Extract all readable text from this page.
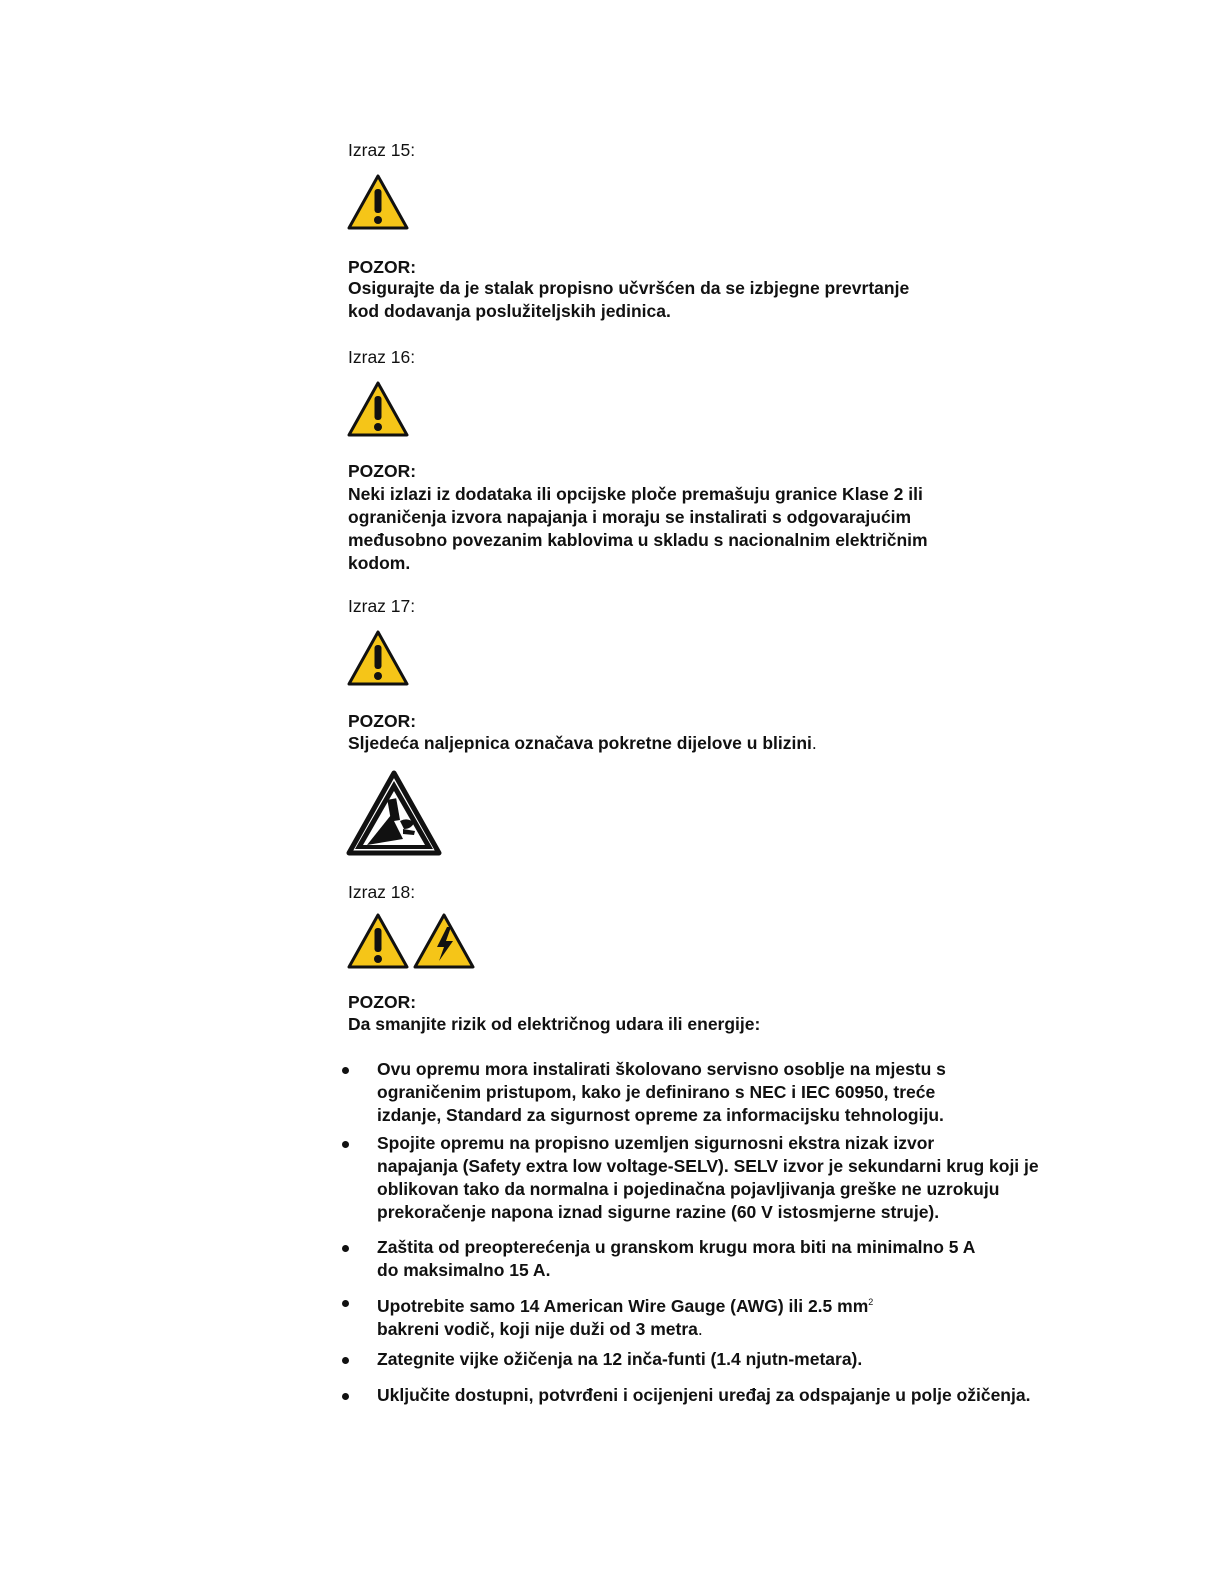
Izraz 15:
POZOR:
Osigurajte da je stalak propisno učvršćen da se izbjegne prevrtanje
kod dodavanja poslužiteljskih jedinica.
Izraz 16:
POZOR:
Neki izlazi iz dodataka ili opcijske ploče premašuju granice Klase 2 ili
ograničenja izvora napajanja i moraju se instalirati s odgovarajućim
međusobno povezanim kablovima u skladu s nacionalnim električnim
kodom.
Izraz 17:
POZOR:
Sljedeća naljepnica označava pokretne dijelove u blizini.
Izraz 18:
POZOR:
Da smanjite rizik od električnog udara ili energije:
Ovu opremu mora instalirati školovano servisno osoblje na mjestu s
ograničenim pristupom, kako je definirano s NEC i IEC 60950, treće
izdanje, Standard za sigurnost opreme za informacijsku tehnologiju.
Spojite opremu na propisno uzemljen sigurnosni ekstra nizak izvor
napajanja (Safety extra low voltage-SELV). SELV izvor je sekundarni krug koji je
oblikovan tako da normalna i pojedinačna pojavljivanja greške ne uzrokuju
prekoračenje napona iznad sigurne razine (60 V istosmjerne struje).
Zaštita od preopterećenja u granskom krugu mora biti na minimalno 5 A
do maksimalno 15 A.
Upotrebite samo 14 American Wire Gauge (AWG) ili 2.5 $mm^2$
bakreni vodič, koji nije duži od 3 metra.
Zategnite vijke ožičenja na 12 inča-funti (1.4 njutn-metara).
Uključite dostupni, potvrđeni i ocijenjeni uređaj za odspajanje u polje ožičenja.
